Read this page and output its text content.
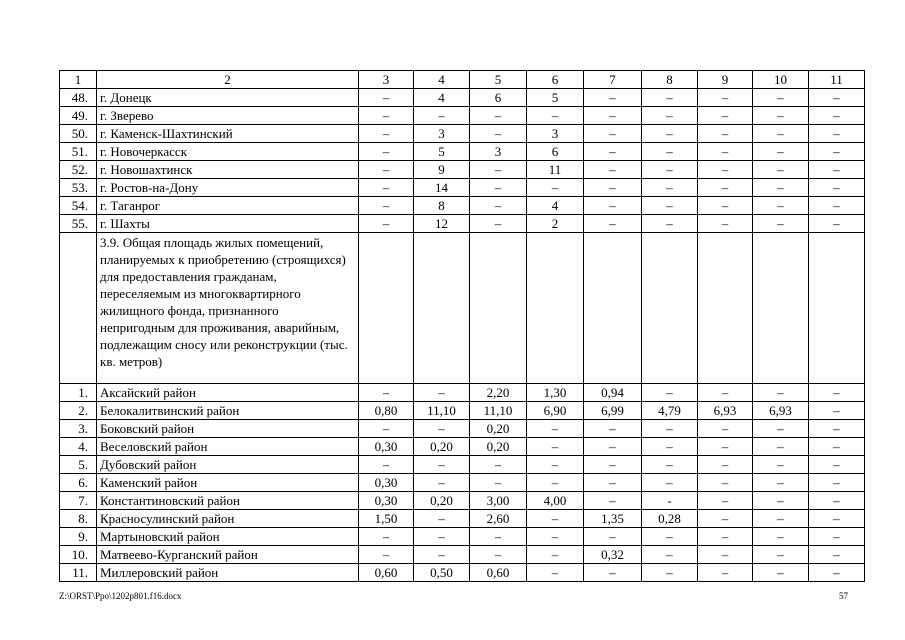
1	2	3	4	5	6	7	8	9	10	11
48.	г. Донецк	–	4	6	5	–	–	–	–	–
49.	г. Зверево	–	–	–	–	–	–	–	–	–
50.	г. Каменск-Шахтинский	–	3	–	3	–	–	–	–	–
51.	г. Новочеркасск	–	5	3	6	–	–	–	–	–
52.	г. Новошахтинск	–	9	–	11	–	–	–	–	–
53.	г. Ростов-на-Дону	–	14	–	–	–	–	–	–	–
54.	г. Таганрог	–	8	–	4	–	–	–	–	–
55.	г. Шахты	–	12	–	2	–	–	–	–	–
	3.9. Общая площадь жилых помещений, планируемых к приобретению (строящихся) для предоставления гражданам, переселяемым из многоквартирного жилищного фонда, признанного непригодным для проживания, аварийным, подлежащим сносу или реконструкции (тыс. кв. метров)									
1.	Аксайский район	–	–	2,20	1,30	0,94	–	–	–	–
2.	Белокалитвинский район	0,80	11,10	11,10	6,90	6,99	4,79	6,93	6,93	–
3.	Боковский район	–	–	0,20	–	–	–	–	–	–
4.	Веселовский район	0,30	0,20	0,20	–	–	–	–	–	–
5.	Дубовский район	–	–	–	–	–	–	–	–	–
6.	Каменский район	0,30	–	–	–	–	–	–	–	–
7.	Константиновский район	0,30	0,20	3,00	4,00	–	-	–	–	–
8.	Красносулинский район	1,50	–	2,60	–	1,35	0,28	–	–	–
9.	Мартыновский район	–	–	–	–	–	–	–	–	–
10.	Матвеево-Курганский район	–	–	–	–	0,32	–	–	–	–
11.	Миллеровский район	0,60	0,50	0,60	–	–	–	–	–	–
Z:\ORST\Ppo\1202p801.f16.docx	57
